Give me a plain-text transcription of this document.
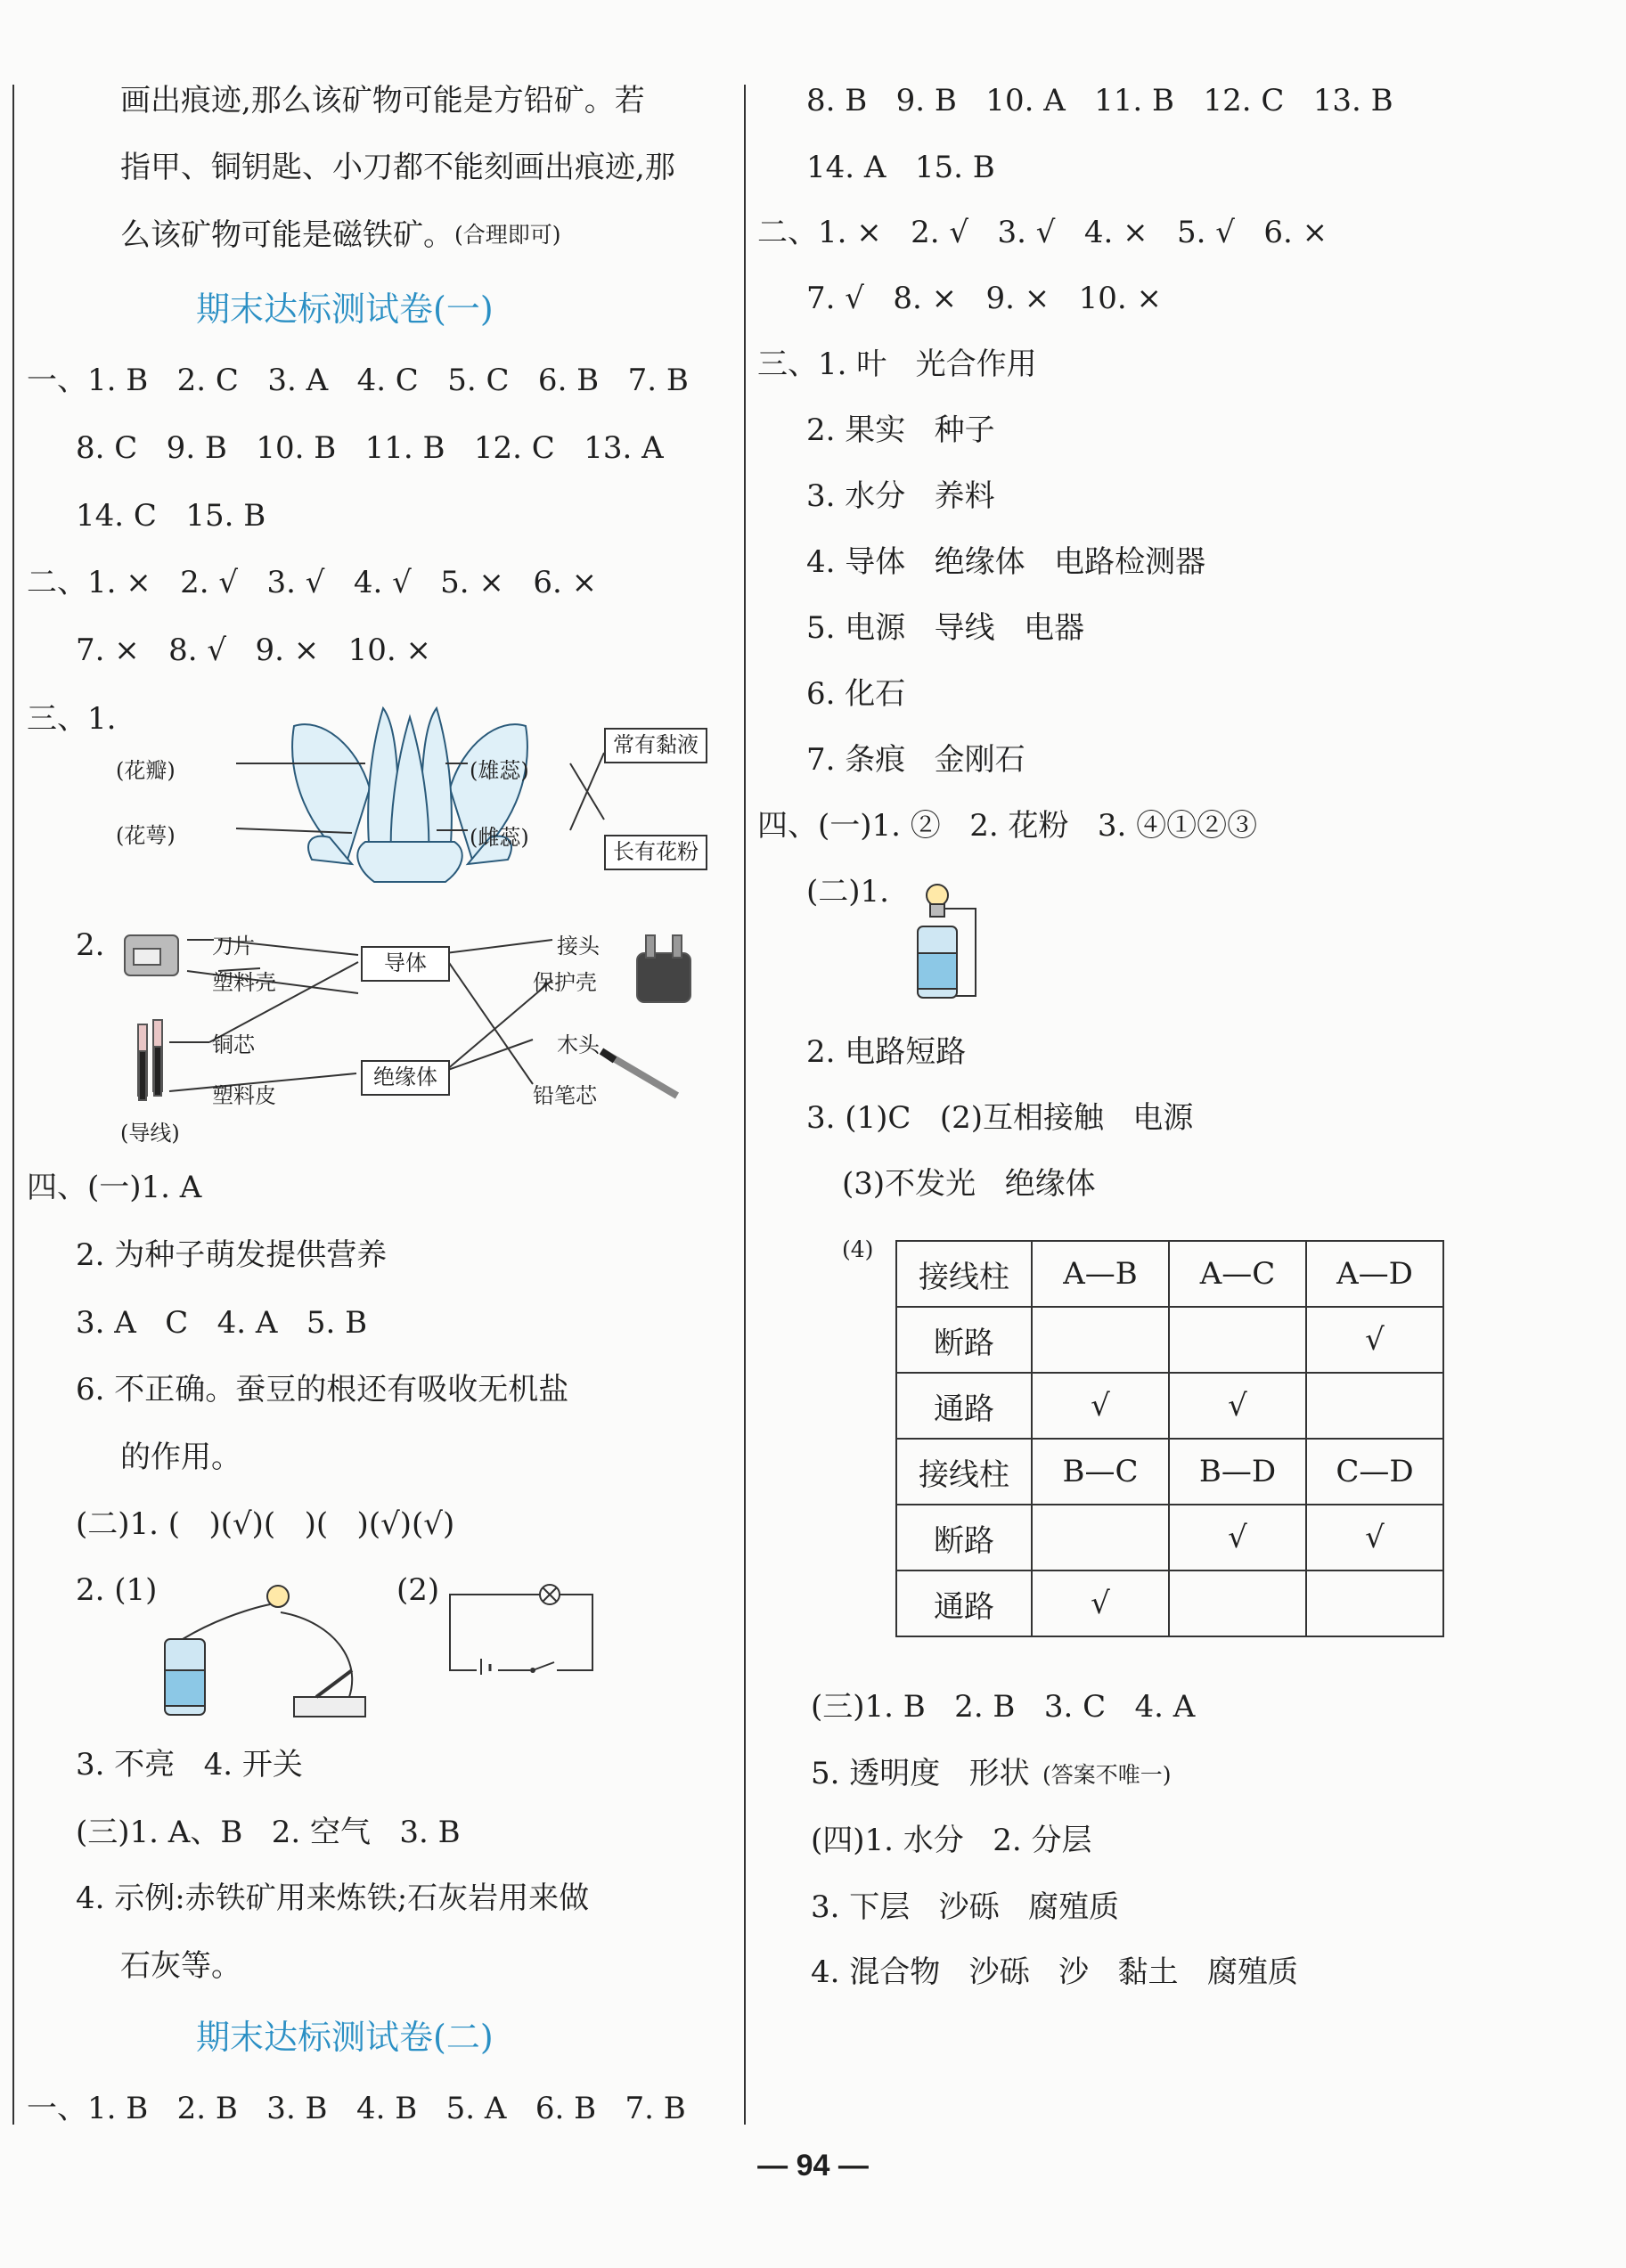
画出痕迹,那么该矿物可能是方铅矿。若
指甲、铜钥匙、小刀都不能刻画出痕迹,那
么该矿物可能是磁铁矿。 (合理即可)
期末达标测试卷(一)
一、1. B   2. C   3. A   4. C   5. C   6. B   7. B
8. C   9. B   10. B   11. B   12. C   13. A
14. C   15. B
二、1. ×   2. √   3. √   4. √   5. ×   6. ×
7. ×   8. √   9. ×   10. ×
三、1.
(花瓣)
(花萼)
(雄蕊)
(雌蕊)
常有黏液
长有花粉
2.	刀片
塑料壳
铜芯
塑料皮
(导线)
导体
绝缘体
接头
保护壳
木头
铅笔芯
四、(一)1. A
2. 为种子萌发提供营养
3. A   C   4. A   5. B
6. 不正确。蚕豆的根还有吸收无机盐
的作用。
(二)1. (   )(√)(   )(   )(√)(√)
2. (1)	(2)
3. 不亮   4. 开关
(三)1. A、B   2. 空气   3. B
4. 示例:赤铁矿用来炼铁;石灰岩用来做
石灰等。
期末达标测试卷(二)
一、1. B   2. B   3. B   4. B   5. A   6. B   7. B
8. B   9. B   10. A   11. B   12. C   13. B
14. A   15. B
二、1. ×   2. √   3. √   4. ×   5. √   6. ×
7. √   8. ×   9. ×   10. ×
三、1. 叶   光合作用
2. 果实   种子
3. 水分   养料
4. 导体   绝缘体   电路检测器
5. 电源   导线   电器
6. 化石
7. 条痕   金刚石
四、(一)1. ②   2. 花粉   3. ④①②③
(二)1.
2. 电路短路
3. (1)C   (2)互相接触   电源
(3)不发光   绝缘体
(4)
接线柱	A—B	A—C	A—D
断路			√
通路	√	√	
接线柱	B—C	B—D	C—D
断路		√	√
通路	√		
(三)1. B   2. B   3. C   4. A
5. 透明度   形状 (答案不唯一)
(四)1. 水分   2. 分层
3. 下层   沙砾   腐殖质
4. 混合物   沙砾   沙   黏土   腐殖质
— 94 —
